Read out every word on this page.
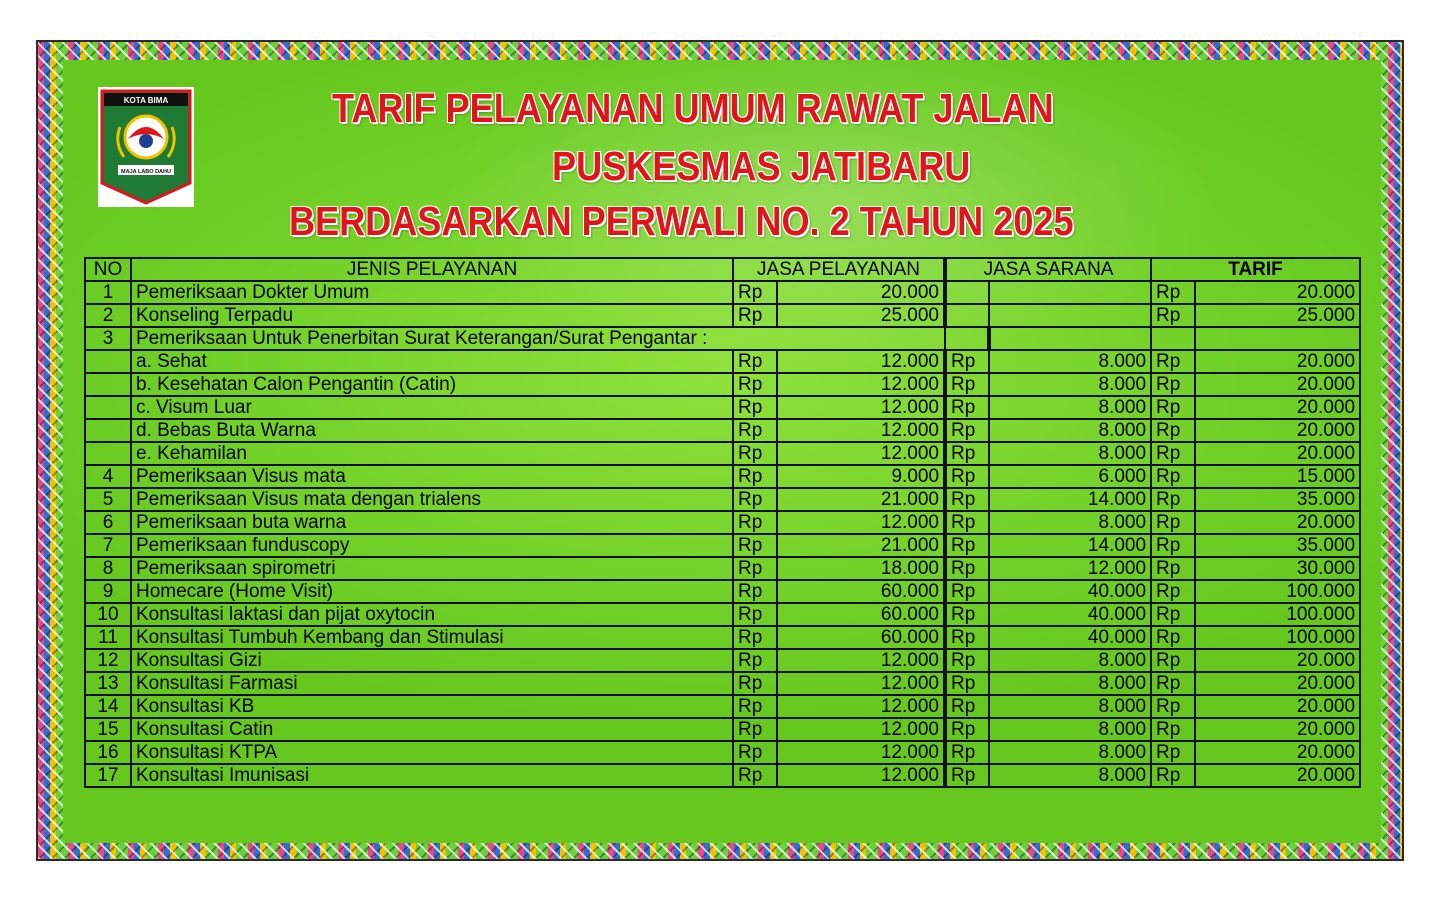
KOTA BIMA
MAJA LABO DAHU
TARIF PELAYANAN UMUM RAWAT JALAN
PUSKESMAS JATIBARU
BERDASARKAN PERWALI NO. 2 TAHUN 2025
NO	JENIS PELAYANAN	JASA PELAYANAN		JASA SARANA		TARIF		
1	Pemeriksaan Dokter Umum	Rp	20.000			Rp	20.000	
2	Konseling Terpadu	Rp	25.000			Rp	25.000	
3	Pemeriksaan Untuk Penerbitan Surat Keterangan/Surat Pengantar :							
	a. Sehat	Rp	12.000	Rp	8.000	Rp	20.000	
	b. Kesehatan Calon Pengantin (Catin)	Rp	12.000	Rp	8.000	Rp	20.000	
	c. Visum Luar	Rp	12.000	Rp	8.000	Rp	20.000	
	d. Bebas Buta Warna	Rp	12.000	Rp	8.000	Rp	20.000	
	e. Kehamilan	Rp	12.000	Rp	8.000	Rp	20.000	
4	Pemeriksaan Visus mata	Rp	9.000	Rp	6.000	Rp	15.000	
5	Pemeriksaan Visus mata dengan trialens	Rp	21.000	Rp	14.000	Rp	35.000	
6	Pemeriksaan buta warna	Rp	12.000	Rp	8.000	Rp	20.000	
7	Pemeriksaan funduscopy	Rp	21.000	Rp	14.000	Rp	35.000	
8	Pemeriksaan spirometri	Rp	18.000	Rp	12.000	Rp	30.000	
9	Homecare (Home Visit)	Rp	60.000	Rp	40.000	Rp	100.000	
10	Konsultasi laktasi dan pijat oxytocin	Rp	60.000	Rp	40.000	Rp	100.000	
11	Konsultasi Tumbuh Kembang dan Stimulasi	Rp	60.000	Rp	40.000	Rp	100.000	
12	Konsultasi Gizi	Rp	12.000	Rp	8.000	Rp	20.000	
13	Konsultasi Farmasi	Rp	12.000	Rp	8.000	Rp	20.000	
14	Konsultasi KB	Rp	12.000	Rp	8.000	Rp	20.000	
15	Konsultasi Catin	Rp	12.000	Rp	8.000	Rp	20.000	
16	Konsultasi KTPA	Rp	12.000	Rp	8.000	Rp	20.000	
17	Konsultasi Imunisasi	Rp	12.000	Rp	8.000	Rp	20.000	
